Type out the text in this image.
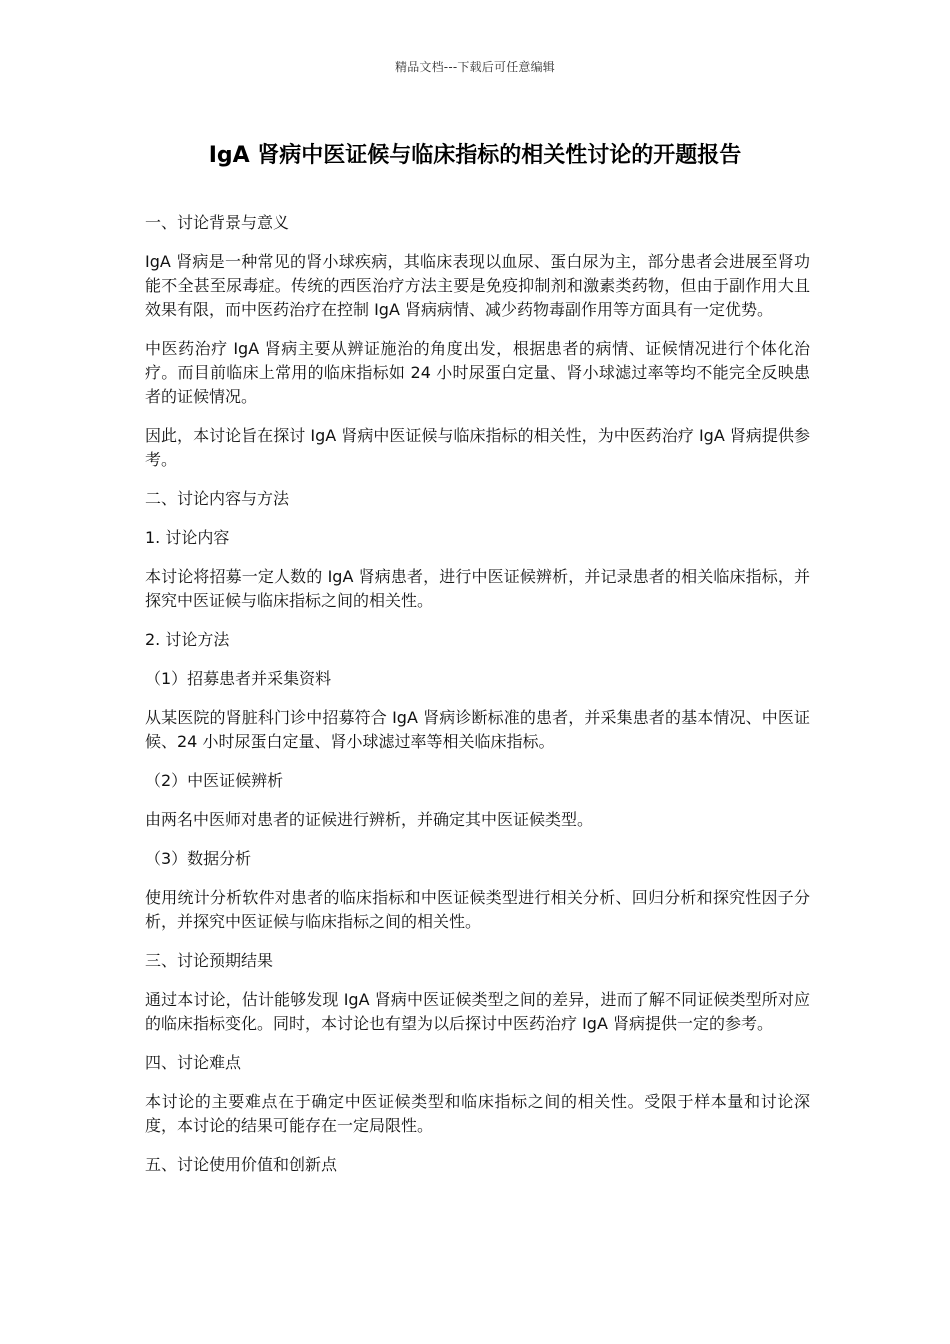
精品文档---下载后可任意编辑
IgA 肾病中医证候与临床指标的相关性讨论的开题报告

一、讨论背景与意义

IgA 肾病是一种常见的肾小球疾病，其临床表现以血尿、蛋白尿为主，部分患者会进展至肾功能不全甚至尿毒症。传统的西医治疗方法主要是免疫抑制剂和激素类药物，但由于副作用大且效果有限，而中医药治疗在控制 IgA 肾病病情、减少药物毒副作用等方面具有一定优势。

中医药治疗 IgA 肾病主要从辨证施治的角度出发，根据患者的病情、证候情况进行个体化治疗。而目前临床上常用的临床指标如 24 小时尿蛋白定量、肾小球滤过率等均不能完全反映患者的证候情况。

因此，本讨论旨在探讨 IgA 肾病中医证候与临床指标的相关性，为中医药治疗 IgA 肾病提供参考。

二、讨论内容与方法

1. 讨论内容

本讨论将招募一定人数的 IgA 肾病患者，进行中医证候辨析，并记录患者的相关临床指标，并探究中医证候与临床指标之间的相关性。

2. 讨论方法

（1）招募患者并采集资料

从某医院的肾脏科门诊中招募符合 IgA 肾病诊断标准的患者，并采集患者的基本情况、中医证候、24 小时尿蛋白定量、肾小球滤过率等相关临床指标。

（2）中医证候辨析

由两名中医师对患者的证候进行辨析，并确定其中医证候类型。

（3）数据分析

使用统计分析软件对患者的临床指标和中医证候类型进行相关分析、回归分析和探究性因子分析，并探究中医证候与临床指标之间的相关性。

三、讨论预期结果

通过本讨论，估计能够发现 IgA 肾病中医证候类型之间的差异，进而了解不同证候类型所对应的临床指标变化。同时，本讨论也有望为以后探讨中医药治疗 IgA 肾病提供一定的参考。

四、讨论难点

本讨论的主要难点在于确定中医证候类型和临床指标之间的相关性。受限于样本量和讨论深度，本讨论的结果可能存在一定局限性。

五、讨论使用价值和创新点
